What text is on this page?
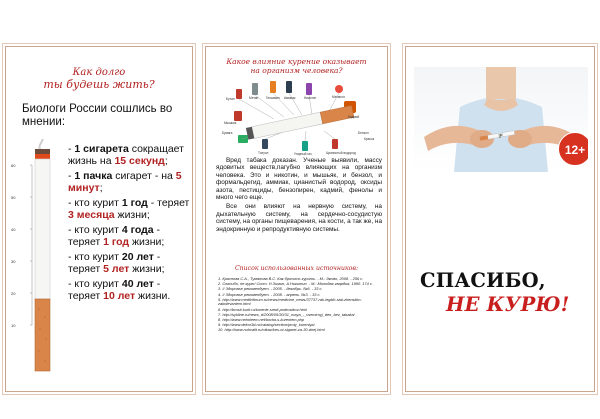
Как долго
ты будешь жить?
Биологи России сошлись во мнении:
60
50
40
30
20
10
- 1 сигарета сокращает жизнь на 15 секунд;
- 1 пачка сигарет - на 5 минут;
- кто курит 1 год - теряет 3 месяца жизни;
- кто курит 4 года - теряет 1 год жизни;
- кто курит 20 лет - теряет 5 лет жизни;
- кто курит 40 лет - теряет 10 лет жизни.
Какое влияние курение оказывает
на организм человека?
Бутан	Метан Гексамин Аммиак	Никотин	Метанол
Кадмий
Мышьяк
Бензол
Красок
Бумага
Толуол	Угарный газ	Цианистый водород

Вред табака доказан. Ученые выявили, массу ядовитых веществ,пагубно влияющих на организм человека. Это и никотин, и мышьяк, и бензол, и формальдегид, аммиак, цианистый водород, оксиды азота, пестициды, бензопирен, кадмий, фенолы и много чего еще.

Все они влияют на нервную систему, на дыхательную систему, на сердечно-сосудистую систему, на органы пищеварения, на кости, а так же, на эндокринную и репродуктивную системы.

Список использованных источников:
1. Краснова С.А., Туманова В.С. Как бросить курить. - М.: Эксмо, 2008. - 256 с.
2. Спасибо, не курю! Сост. Н.Зимин, А.Никитин. - М.: Молодая гвардия, 1990. 174 с.
3. // Здоровье рекомендует. - 2005. - декабрь. №6. - 33 с.
4. // Здоровье рекомендует. - 2008. - апрель. №3. - 33 с.
5. http://www.medlinforum.ru/news/medicine_news/37737-rak-legkih-stal-zhenskim-zabolevaniem.html
6. http://brosit-kurit.ru/kurenie-sredi-podrostkov.html
7. http://sykline.ru/news_d/2008/05/30/31_maya_-_vsemirnyj_den_bez_tabaka/
8. http://www.neboleem.net/borba-s-kureniem.php
9. http://www.dekor3d.ru/catalog/section/proty_kureniya/
10. http://www.nuhvalit.ru/otkaz/kes-ot-sigaret-za-30-dnej.html
12+
СПАСИБО,
НЕ КУРЮ!
